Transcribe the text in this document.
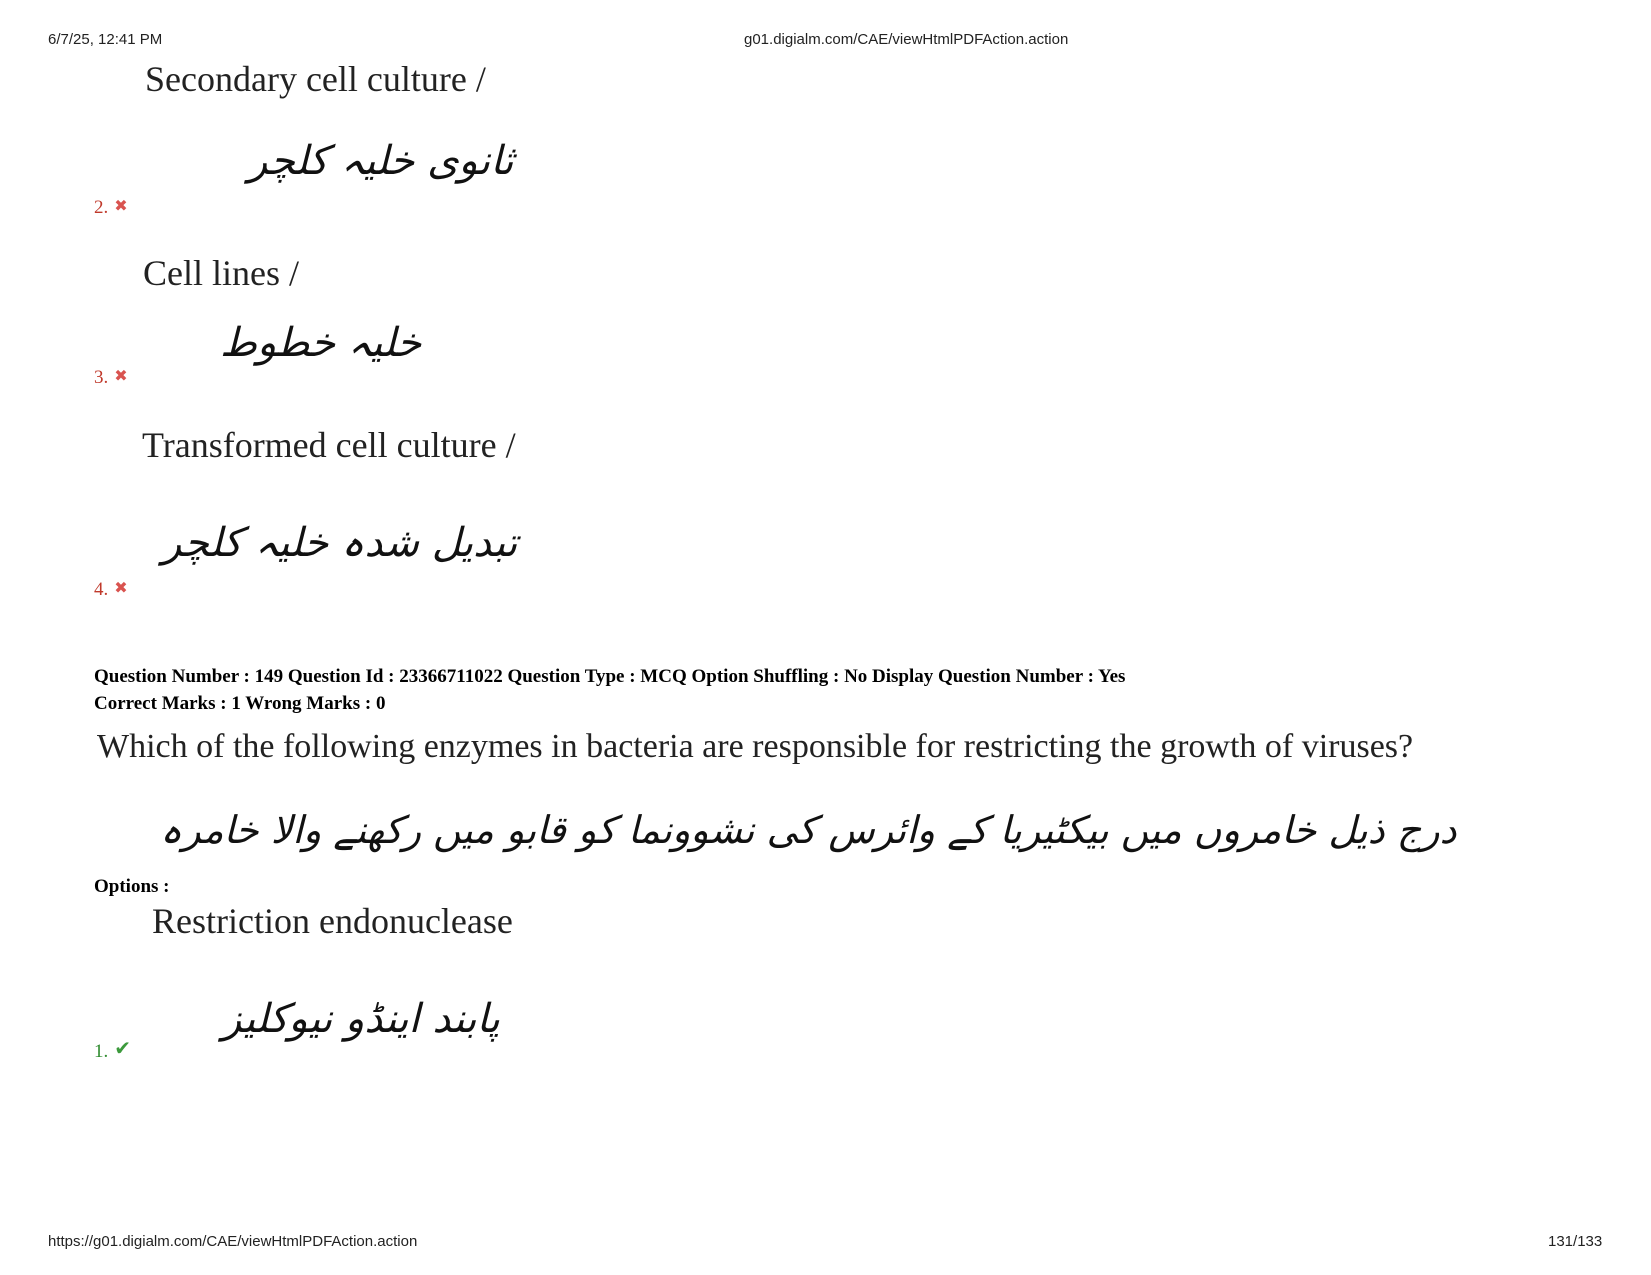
6/7/25, 12:41 PM	g01.digialm.com/CAE/viewHtmlPDFAction.action
Secondary cell culture /
ثانوی خلیہ کلچر
2. ✖
Cell lines /
خلیہ خطوط
3. ✖
Transformed cell culture /
تبدیل شدہ خلیہ کلچر
4. ✖
Question Number : 149 Question Id : 23366711022 Question Type : MCQ Option Shuffling : No Display Question Number : Yes
Correct Marks : 1 Wrong Marks : 0
Which of the following enzymes in bacteria are responsible for restricting the growth of viruses?
درج ذیل خامروں میں بیکٹیریا کے وائرس کی نشوونما کو قابو میں رکھنے والا خامرہ
Options :
Restriction endonuclease
پابند اینڈو نیوکلیز
1. ✔
https://g01.digialm.com/CAE/viewHtmlPDFAction.action	131/133
